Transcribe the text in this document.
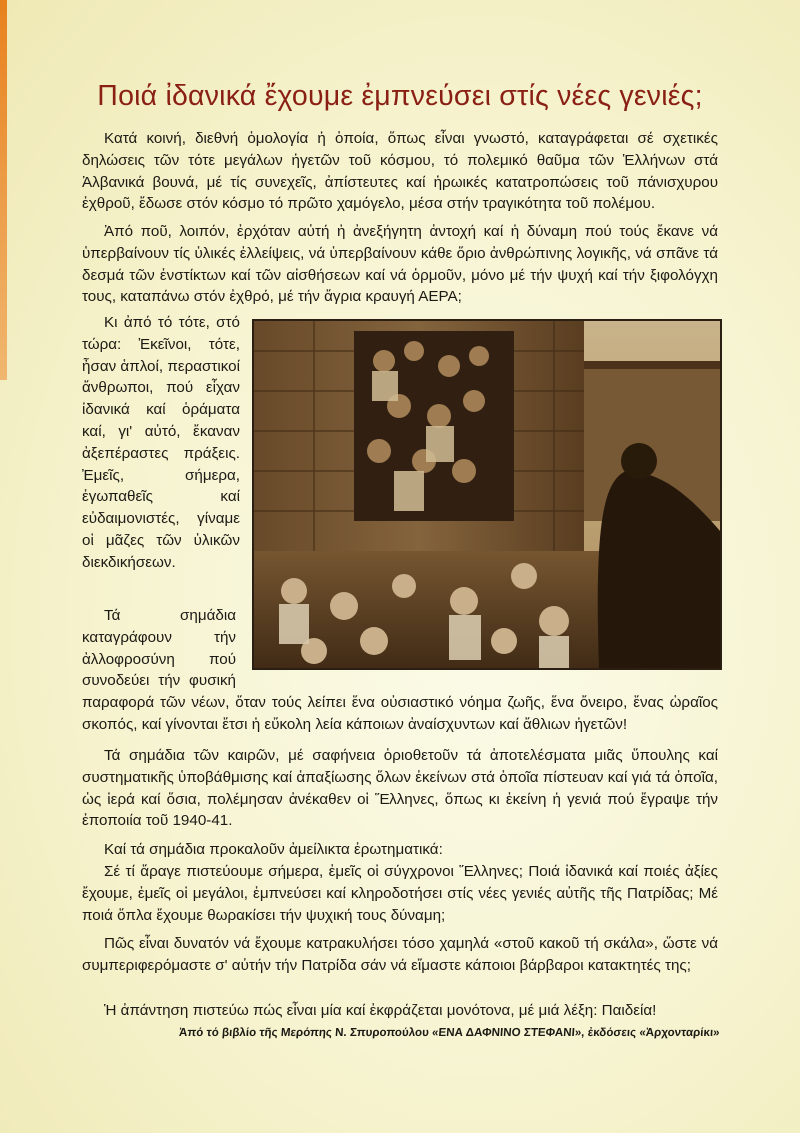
Ποιά ἰδανικά ἔχουμε ἐμπνεύσει στίς νέες γενιές;

Κατά κοινή, διεθνή ὁμολογία ἡ ὁποία, ὅπως εἶναι γνωστό, καταγράφεται σέ σχετικές δηλώσεις τῶν τότε μεγάλων ἡγετῶν τοῦ κόσμου, τό πολεμικό θαῦμα τῶν Ἑλλήνων στά Ἀλβανικά βουνά, μέ τίς συνεχεῖς, ἀπίστευτες καί ἡρωικές κατατροπώσεις τοῦ πάνισχυρου ἐχθροῦ, ἔδωσε στόν κόσμο τό πρῶτο χαμόγελο, μέσα στήν τραγικότητα τοῦ πολέμου.

Ἀπό ποῦ, λοιπόν, ἐρχόταν αὐτή ἡ ἀνεξήγητη ἀντοχή καί ἡ δύναμη πού τούς ἔκανε νά ὑπερβαίνουν τίς ὑλικές ἐλλείψεις, νά ὑπερβαίνουν κάθε ὅριο ἀνθρώπινης λογικῆς, νά σπᾶνε τά δεσμά τῶν ἐνστίκτων καί τῶν αἰσθήσεων καί νά ὁρμοῦν, μόνο μέ τήν ψυχή καί τήν ξιφολόγχη τους, καταπάνω στόν ἐχθρό, μέ τήν ἄγρια κραυγή ΑΕΡΑ;

Κι ἀπό τό τότε, στό τώρα: Ἐκεῖνοι, τότε, ἦσαν ἁπλοί, περαστικοί ἄνθρωποι, πού εἶχαν ἰδανικά καί ὁράματα καί, γι' αὐτό, ἔκαναν ἀξεπέραστες πράξεις. Ἐμεῖς, σήμερα, ἐγωπαθεῖς καί εὐδαιμονιστές, γίναμε οἱ μᾶζες τῶν ὑλικῶν διεκδικήσεων.

Τά σημάδια καταγράφουν τήν ἀλλοφροσύνη πού συνοδεύει τήν φυσική παραφορά τῶν νέων, ὅταν τούς λείπει ἕνα οὐσιαστικό νόημα ζωῆς, ἕνα ὄνειρο, ἕνας ὡραῖος σκοπός, καί γίνονται ἔτσι ἡ εὔκολη λεία κάποιων ἀναίσχυντων καί ἄθλιων ἡγετῶν!

Τά σημάδια τῶν καιρῶν, μέ σαφήνεια ὁριοθετοῦν τά ἀποτελέσματα μιᾶς ὕπουλης καί συστηματικῆς ὑποβάθμισης καί ἀπαξίωσης ὅλων ἐκείνων στά ὁποῖα πίστευαν καί γιά τά ὁποῖα, ὡς ἱερά καί ὅσια, πολέμησαν ἀνέκαθεν οἱ Ἕλληνες, ὅπως κι ἐκείνη ἡ γενιά πού ἔγραψε τήν ἐποποιία τοῦ 1940-41.

Καί τά σημάδια προκαλοῦν ἀμείλικτα ἐρωτηματικά:

Σέ τί ἄραγε πιστεύουμε σήμερα, ἐμεῖς οἱ σύγχρονοι Ἕλληνες; Ποιά ἰδανικά καί ποιές ἀξίες ἔχουμε, ἐμεῖς οἱ μεγάλοι, ἐμπνεύσει καί κληροδοτήσει στίς νέες γενιές αὐτῆς τῆς Πατρίδας; Μέ ποιά ὅπλα ἔχουμε θωρακίσει τήν ψυχική τους δύναμη;

Πῶς εἶναι δυνατόν νά ἔχουμε κατρακυλήσει τόσο χαμηλά «στοῦ κακοῦ τή σκάλα», ὥστε νά συμπεριφερόμαστε σ' αὐτήν τήν Πατρίδα σάν νά εἴμαστε κάποιοι βάρβαροι κατακτητές της;

Ἡ ἀπάντηση πιστεύω πώς εἶναι μία καί ἐκφράζεται μονότονα, μέ μιά λέξη: Παιδεία!

Ἀπό τό βιβλίο τῆς Μερόπης Ν. Σπυροπούλου «ΕΝΑ ΔΑΦΝΙΝΟ ΣΤΕΦΑΝΙ», ἐκδόσεις «Ἀρχονταρίκι»
